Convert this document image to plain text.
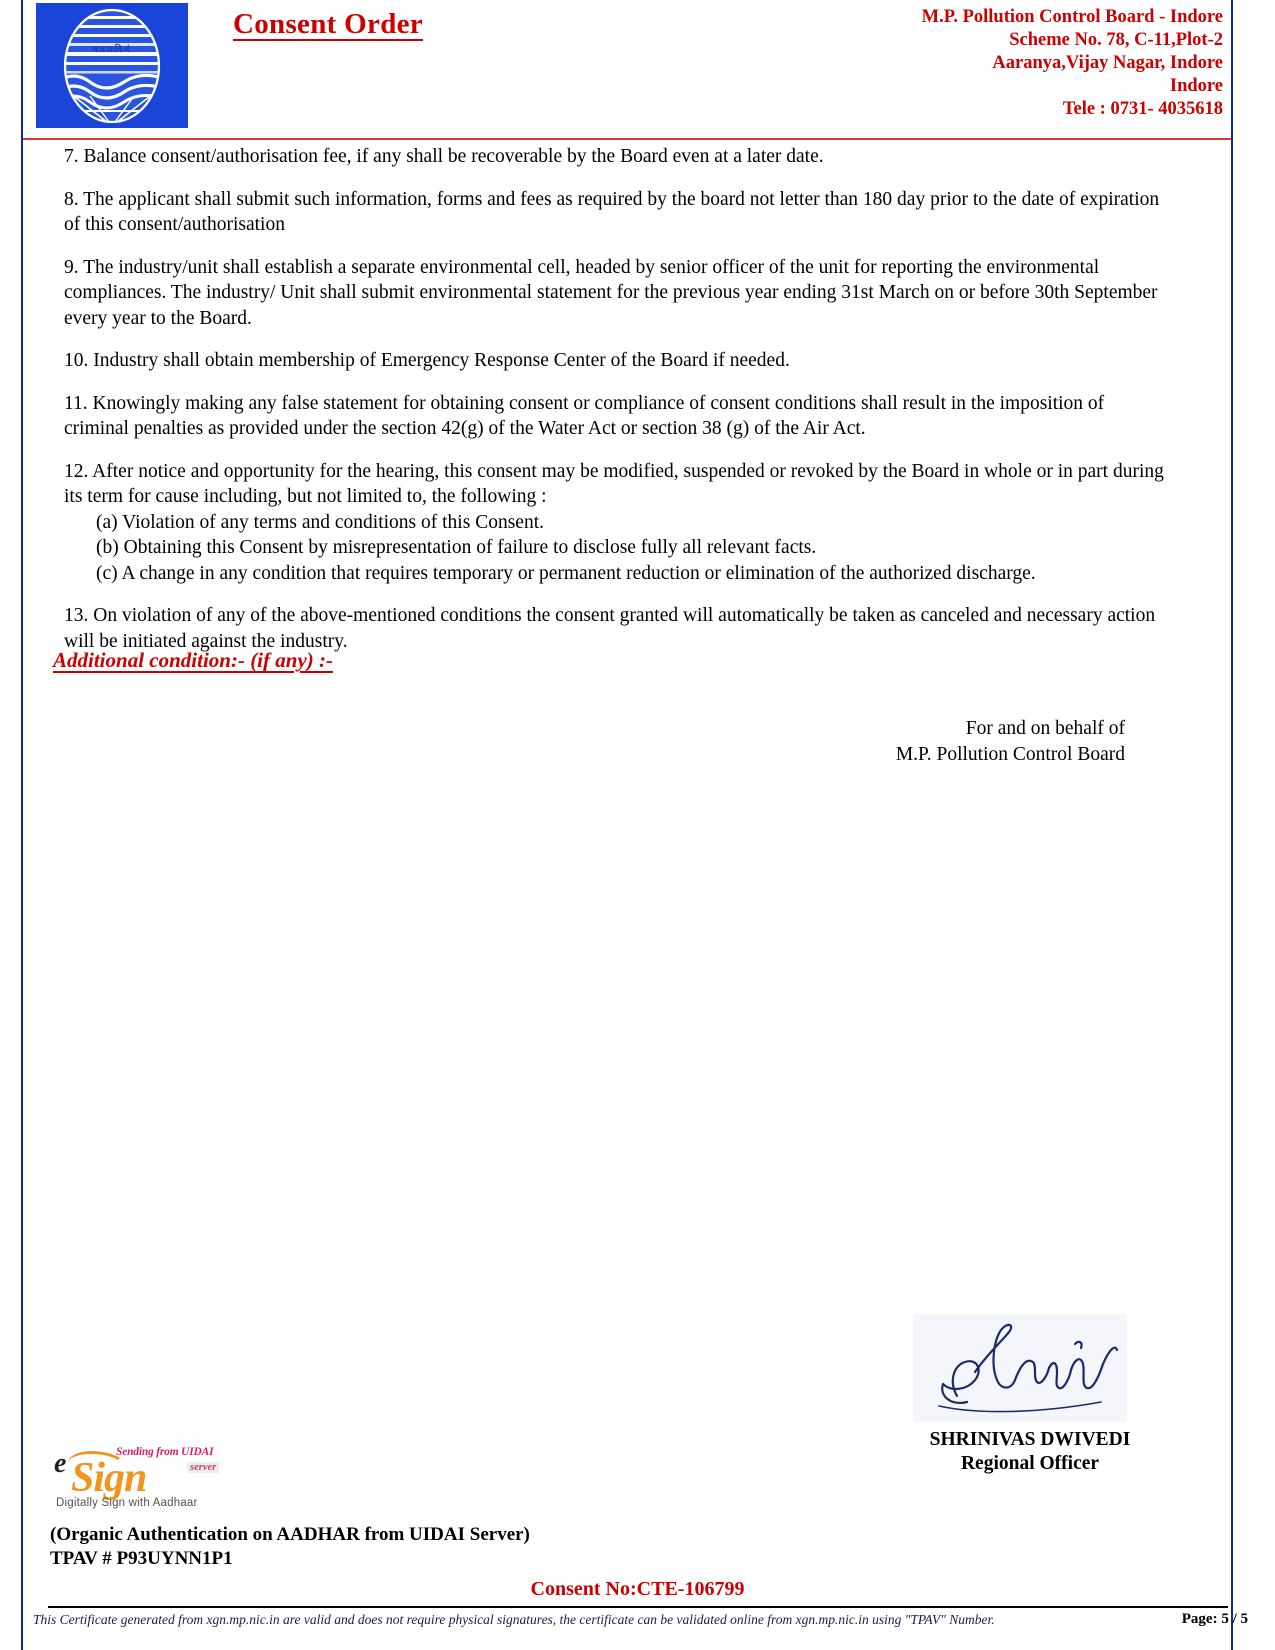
म.प्र.प्र.नि.मं.
Consent Order	M.P. Pollution Control Board - Indore
Scheme No. 78, C-11,Plot-2
Aaranya,Vijay Nagar, Indore
Indore
Tele : 0731- 4035618

7. Balance consent/authorisation fee, if any shall be recoverable by the Board even at a later date.

8. The applicant shall submit such information, forms and fees as required by the board not letter than 180 day prior to the date of expiration of this consent/authorisation

9. The industry/unit shall establish a separate environmental cell, headed by senior officer of the unit for reporting the environmental compliances. The industry/ Unit shall submit environmental statement for the previous year ending 31st March on or before 30th September every year to the Board.

10. Industry shall obtain membership of Emergency Response Center of the Board if needed.

11. Knowingly making any false statement for obtaining consent or compliance of consent conditions shall result in the imposition of criminal penalties as provided under the section 42(g) of the Water Act or section 38 (g) of the Air Act.

12. After notice and opportunity for the hearing, this consent may be modified, suspended or revoked by the Board in whole or in part during its term for cause including, but not limited to, the following :

(a) Violation of any terms and conditions of this Consent.
(b) Obtaining this Consent by misrepresentation of failure to disclose fully all relevant facts.
(c) A change in any condition that requires temporary or permanent reduction or elimination of the authorized discharge.

13. On violation of any of the above-mentioned conditions the consent granted will automatically be taken as canceled and necessary action will be initiated against the industry.

Additional condition:- (if any) :-
For and on behalf of
M.P. Pollution Control Board
SHRINIVAS DWIVEDI
Regional Officer
e Sign
Sending from UIDAI
server
Digitally Sign with Aadhaar
(Organic Authentication on AADHAR from UIDAI Server)
TPAV # P93UYNN1P1
Consent No:CTE-106799
This Certificate generated from xgn.mp.nic.in are valid and does not require physical signatures, the certificate can be validated online from xgn.mp.nic.in using "TPAV" Number.	Page: 5 / 5
